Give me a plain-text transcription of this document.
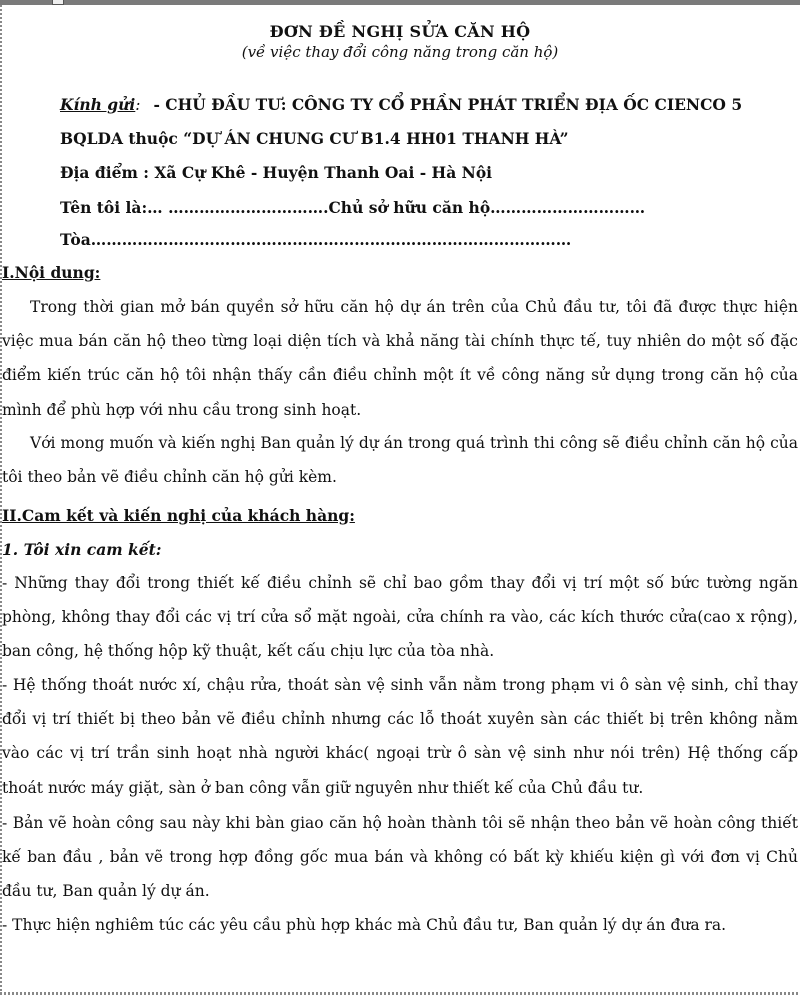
ĐƠN ĐỀ NGHỊ SỬA CĂN HỘ
(về việc thay đổi công năng trong căn hộ)
Kính gửi: - CHỦ ĐẦU TƯ: CÔNG TY CỔ PHẦN PHÁT TRIỂN ĐỊA ỐC CIENCO 5
BQLDA thuộc “DỰ ÁN CHUNG CƯ B1.4 HH01 THANH HÀ”
Địa điểm : Xã Cự Khê - Huyện Thanh Oai - Hà Nội
Tên tôi là:… ………………………….Chủ sở hữu căn hộ…………………………
Tòa…………………………………………………………………………………
I.Nội dung:
Trong thời gian mở bán quyền sở hữu căn hộ dự án trên của Chủ đầu tư, tôi đã được thực hiện việc mua bán căn hộ theo từng loại diện tích và khả năng tài chính thực tế, tuy nhiên do một số đặc điểm kiến trúc căn hộ tôi nhận thấy cần điều chỉnh một ít về công năng sử dụng trong căn hộ của mình để phù hợp với nhu cầu trong sinh hoạt.
Với mong muốn và kiến nghị Ban quản lý dự án trong quá trình thi công sẽ điều chỉnh căn hộ của tôi theo bản vẽ điều chỉnh căn hộ gửi kèm.
II.Cam kết và kiến nghị của khách hàng:
1. Tôi xin cam kết:
- Những thay đổi trong thiết kế điều chỉnh sẽ chỉ bao gồm thay đổi vị trí một số bức tường ngăn phòng, không thay đổi các vị trí cửa sổ mặt ngoài, cửa chính ra vào, các kích thước cửa(cao x rộng), ban công, hệ thống hộp kỹ thuật, kết cấu chịu lực của tòa nhà.
- Hệ thống thoát nước xí, chậu rửa, thoát sàn vệ sinh vẫn nằm trong phạm vi ô sàn vệ sinh, chỉ thay đổi vị trí thiết bị theo bản vẽ điều chỉnh nhưng các lỗ thoát xuyên sàn các thiết bị trên không nằm vào các vị trí trần sinh hoạt nhà người khác( ngoại trừ ô sàn vệ sinh như nói trên) Hệ thống cấp thoát nước máy giặt, sàn ở ban công vẫn giữ nguyên như thiết kế của Chủ đầu tư.
- Bản vẽ hoàn công sau này khi bàn giao căn hộ hoàn thành tôi sẽ nhận theo bản vẽ hoàn công thiết kế ban đầu , bản vẽ trong hợp đồng gốc mua bán và không có bất kỳ khiếu kiện gì với đơn vị Chủ đầu tư, Ban quản lý dự án.
- Thực hiện nghiêm túc các yêu cầu phù hợp khác mà Chủ đầu tư, Ban quản lý dự án đưa ra.
